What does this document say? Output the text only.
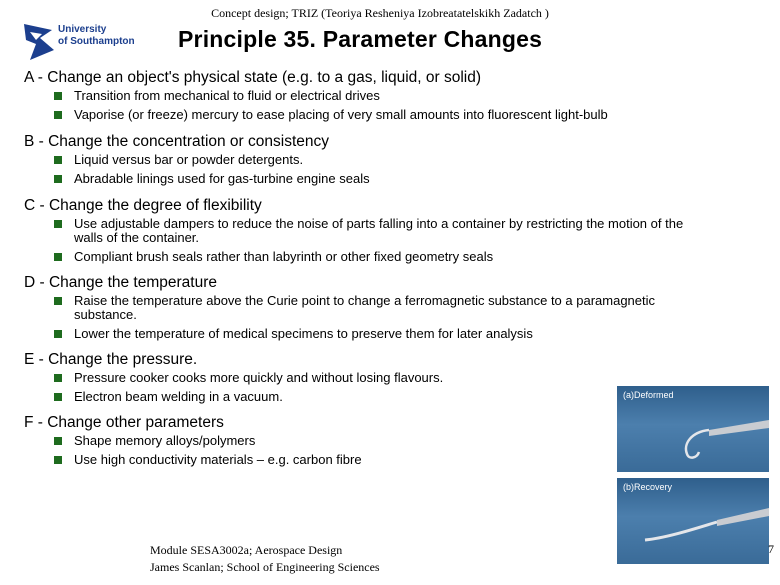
Concept design; TRIZ (Teoriya Resheniya Izobreatatelskikh Zadatch )
University
of Southampton Principle 35. Parameter Changes
A - Change an object's physical state (e.g. to a gas, liquid, or solid)
Transition from mechanical to fluid or electrical drives
Vaporise (or freeze) mercury to ease placing of very small amounts into fluorescent light-bulb
B - Change the concentration or consistency
Liquid versus bar or powder detergents.
Abradable linings used for gas-turbine engine seals
C - Change the degree of flexibility
Use adjustable dampers to reduce the noise of parts falling into a container by restricting the motion of the walls of the container.
Compliant brush seals rather than labyrinth or other fixed geometry seals
D - Change the temperature
Raise the temperature above the Curie point to change a ferromagnetic substance to a paramagnetic substance.
Lower the temperature of medical specimens to preserve them for later analysis
E - Change the pressure.
Pressure cooker cooks more quickly and without losing flavours.
Electron beam welding in a vacuum.
F - Change other parameters
Shape memory alloys/polymers
Use high conductivity materials – e.g. carbon fibre
(a)Deformed
(b)Recovery
Module SESA3002a; Aerospace Design
James Scanlan; School of Engineering Sciences
7
